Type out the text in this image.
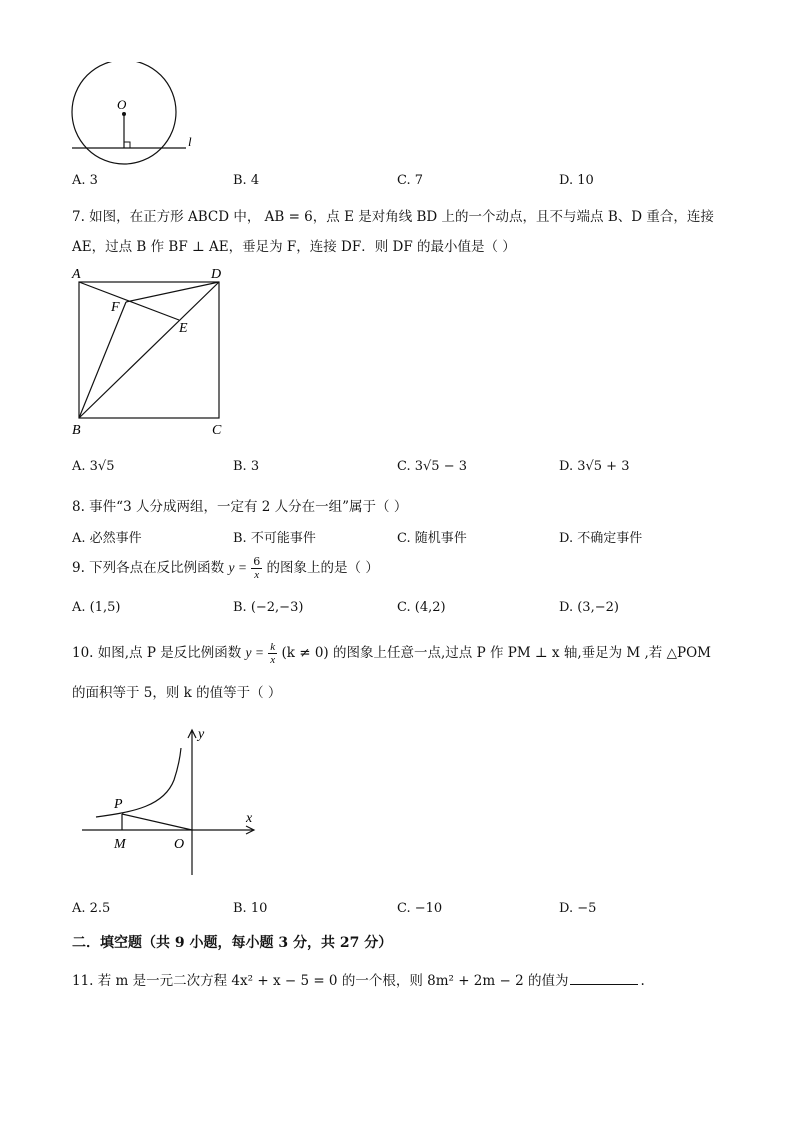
O
l
A. 3	B. 4	C. 7	D. 10
7. 如图，在正方形 ABCD 中， AB = 6，点 E 是对角线 BD 上的一个动点，且不与端点 B、D 重合，连接
AE，过点 B 作 BF ⊥ AE，垂足为 F，连接 DF．则 DF 的最小值是（ ）
A	D
B	C
F
E
A. 3√5	B. 3	C. 3√5 − 3	D. 3√5 + 3
8. 事件“3 人分成两组，一定有 2 人分在一组”属于（ ）
A. 必然事件	B. 不可能事件	C. 随机事件	D. 不确定事件
9. 下列各点在反比例函数 $y = \frac{6}{x}$ 的图象上的是（ ）
A. (1,5)	B. (−2,−3)	C. (4,2)	D. (3,−2)
10. 如图,点 P 是反比例函数 $y = \frac{k}{x} (k \ne 0)$ 的图象上任意一点,过点 P 作 PM ⊥ x 轴,垂足为 M ,若 △POM
的面积等于 5，则 k 的值等于（ ）
y
x
P
M	O
A. 2.5	B. 10	C. −10	D. −5
二．填空题（共 9 小题，每小题 3 分，共 27 分）
11. 若 m 是一元二次方程 4x² + x − 5 = 0 的一个根，则 8m² + 2m − 2 的值为	.
